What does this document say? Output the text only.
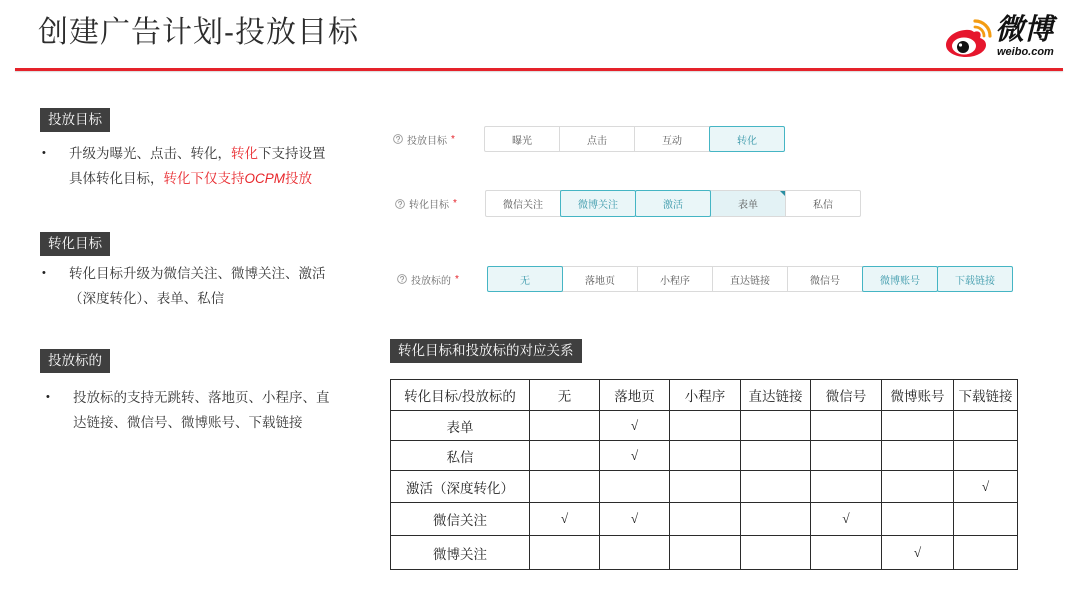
创建广告计划-投放目标	微博
weibo.com
投放目标
• 升级为曝光、点击、转化，转化下支持设置
具体转化目标，转化下仅支持OCPM投放
转化目标
• 转化目标升级为微信关注、微博关注、激活
（深度转化）、表单、私信
投放标的
• 投放标的支持无跳转、落地页、小程序、直
达链接、微信号、微博账号、下载链接
投放目标 *	曝光	点击	互动	转化
转化目标 *	微信关注	微博关注	激活	表单	私信
投放标的 *	无	落地页	小程序	直达链接	微信号	微博账号	下载链接
转化目标和投放标的对应关系
转化目标/投放标的	无	落地页	小程序	直达链接	微信号	微博账号	下载链接
表单		√					
私信		√					
激活（深度转化）							√
微信关注	√	√			√		
微博关注						√	
